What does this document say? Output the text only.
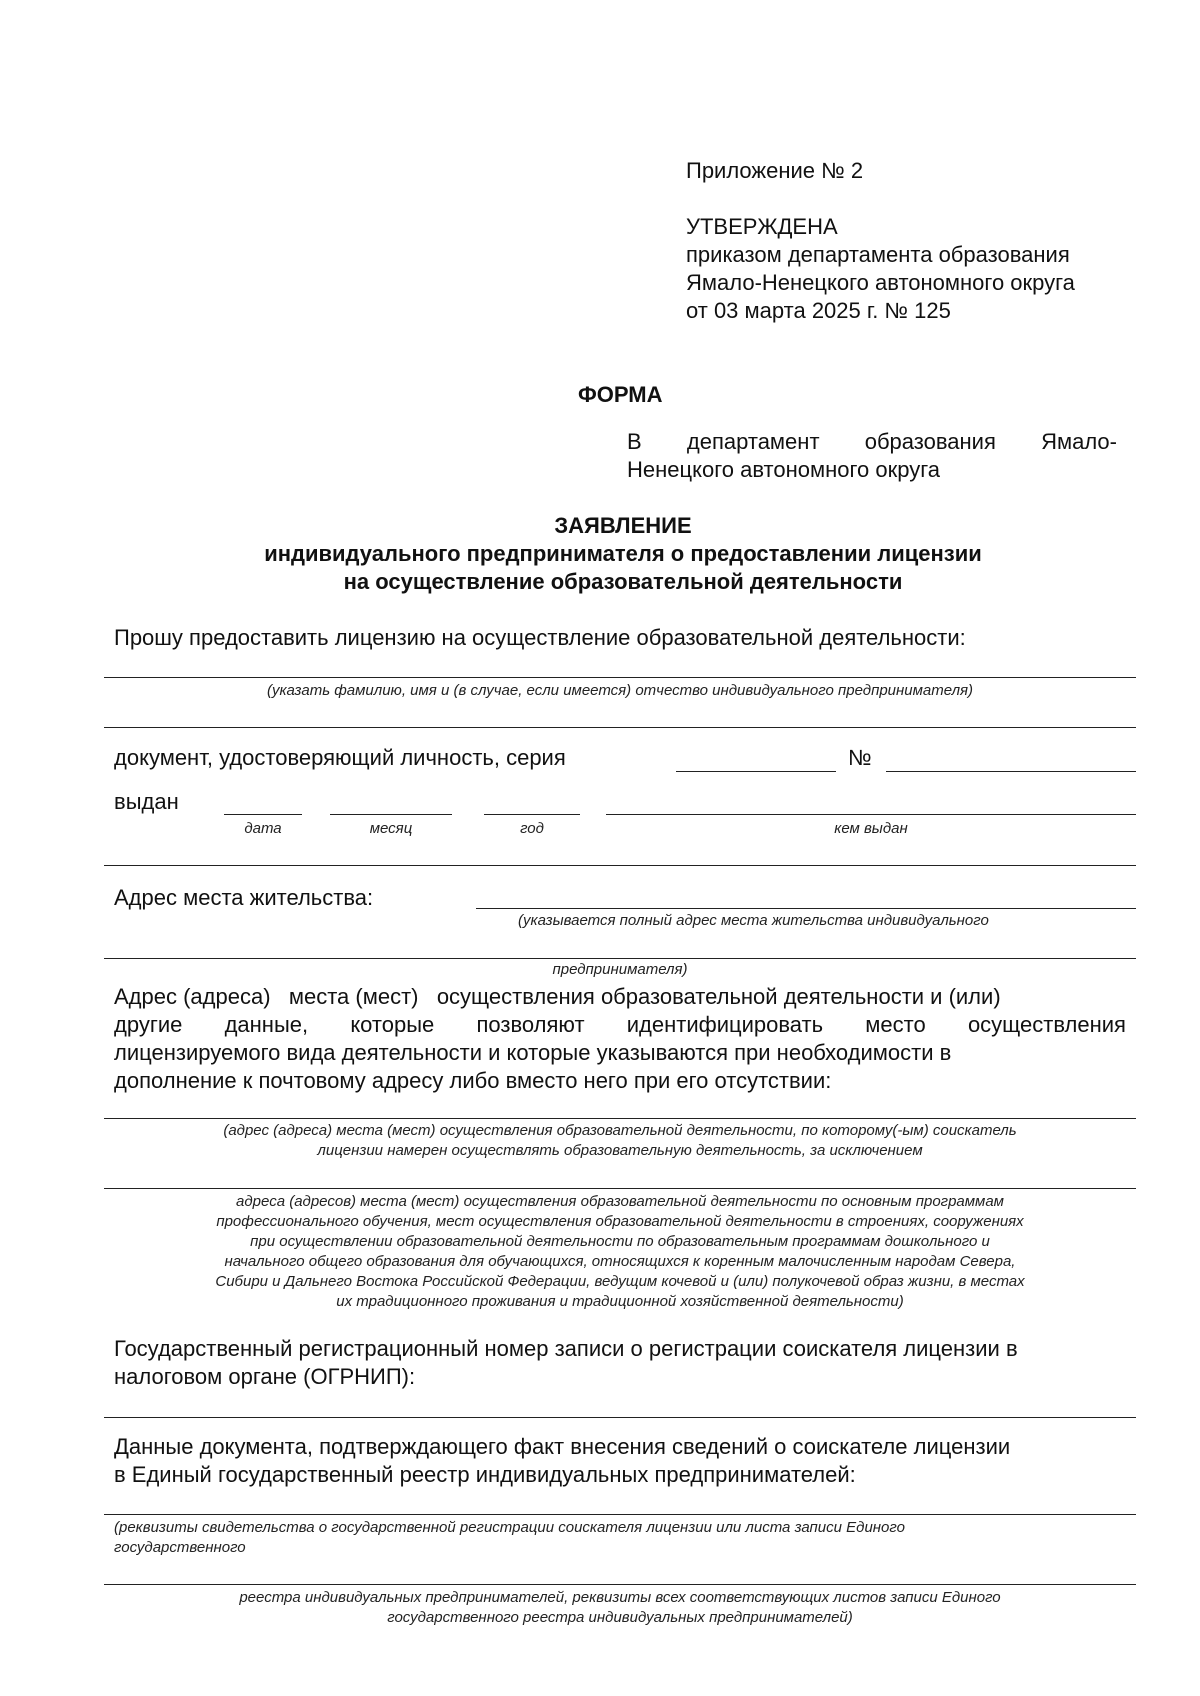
Приложение № 2
УТВЕРЖДЕНА
приказом департамента образования
Ямало-Ненецкого автономного округа
от 03 марта 2025 г. № 125
ФОРМА
В департамент образования Ямало-
Ненецкого автономного округа
ЗАЯВЛЕНИЕ
индивидуального предпринимателя о предоставлении лицензии
на осуществление образовательной деятельности
Прошу предоставить лицензию на осуществление образовательной деятельности:
(указать фамилию, имя и (в случае, если имеется) отчество индивидуального предпринимателя)
документ, удостоверяющий личность, серия	№
выдан
дата	месяц	год	кем выдан
Адрес места жительства:
(указывается полный адрес места жительства индивидуального
предпринимателя)
Адрес (адреса)   места (мест)   осуществления образовательной деятельности и (или)
другие данные, которые позволяют идентифицировать место осуществления
лицензируемого вида деятельности и которые указываются при необходимости в
дополнение к почтовому адресу либо вместо него при его отсутствии:
(адрес (адреса) места (мест) осуществления образовательной деятельности, по которому(-ым) соискатель
лицензии намерен осуществлять образовательную деятельность, за исключением
адреса (адресов) места (мест) осуществления образовательной деятельности по основным программам
профессионального обучения, мест осуществления образовательной деятельности в строениях, сооружениях
при осуществлении образовательной деятельности по образовательным программам дошкольного и
начального общего образования для обучающихся, относящихся к коренным малочисленным народам Севера,
Сибири и Дальнего Востока Российской Федерации, ведущим кочевой и (или) полукочевой образ жизни, в местах
их традиционного проживания и традиционной хозяйственной деятельности)
Государственный регистрационный номер записи о регистрации соискателя лицензии в
налоговом органе (ОГРНИП):
Данные документа, подтверждающего факт внесения сведений о соискателе лицензии
в Единый государственный реестр индивидуальных предпринимателей:
(реквизиты свидетельства о государственной регистрации соискателя лицензии или листа записи Единого
государственного
реестра индивидуальных предпринимателей, реквизиты всех соответствующих листов записи Единого
государственного реестра индивидуальных предпринимателей)
